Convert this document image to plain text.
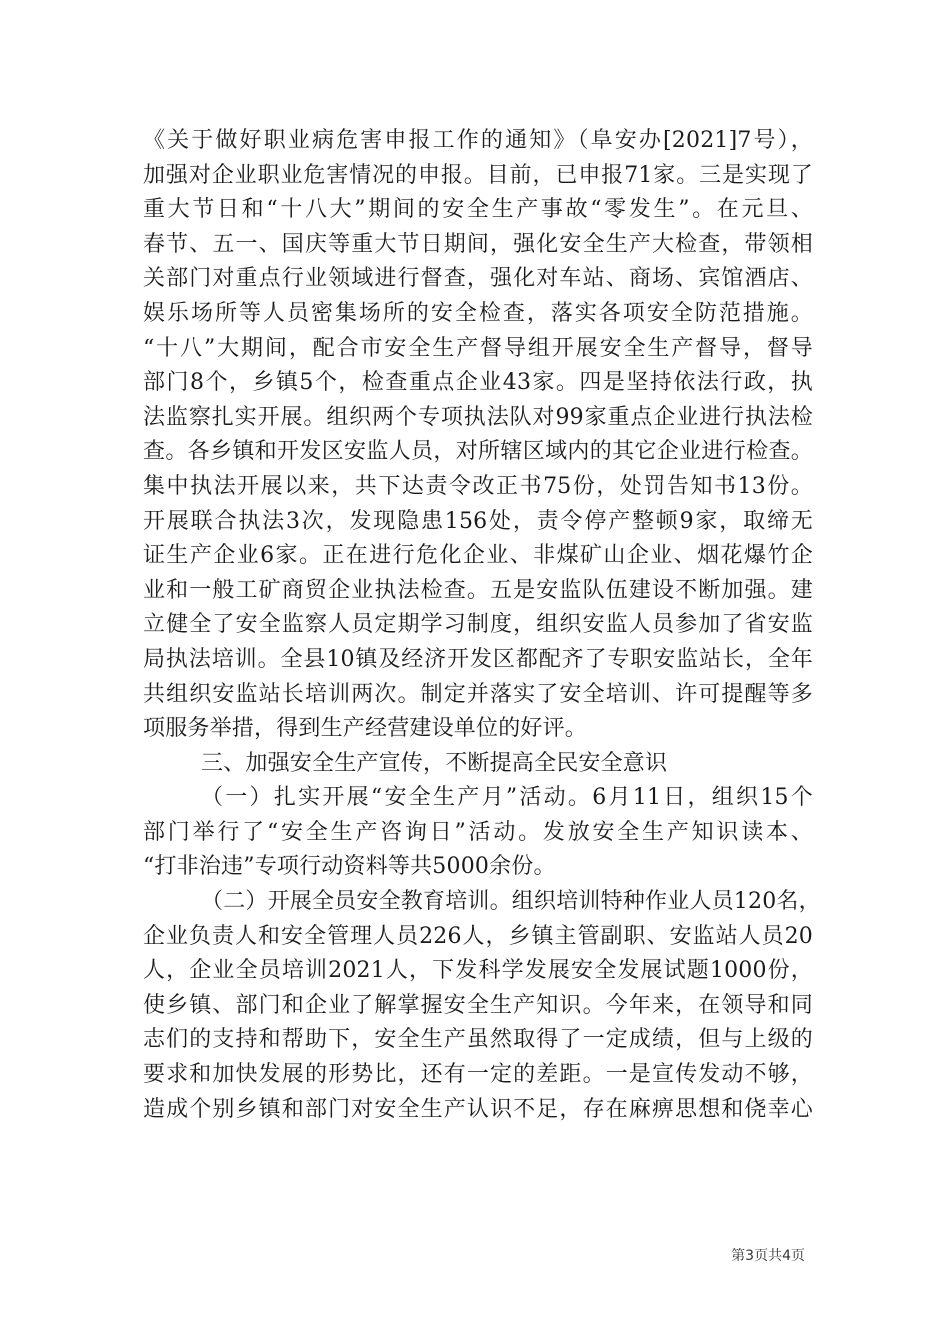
《关于做好职业病危害申报工作的通知》（阜安办[2021]7号），
加强对企业职业危害情况的申报。目前，已申报71家。三是实现了
重大节日和“十八大”期间的安全生产事故“零发生”。在元旦、
春节、五一、国庆等重大节日期间，强化安全生产大检查，带领相
关部门对重点行业领域进行督查，强化对车站、商场、宾馆酒店、
娱乐场所等人员密集场所的安全检查，落实各项安全防范措施。
“十八”大期间，配合市安全生产督导组开展安全生产督导，督导
部门8个，乡镇5个，检查重点企业43家。四是坚持依法行政，执
法监察扎实开展。组织两个专项执法队对99家重点企业进行执法检
查。各乡镇和开发区安监人员，对所辖区域内的其它企业进行检查。
集中执法开展以来，共下达责令改正书75份，处罚告知书13份。
开展联合执法3次，发现隐患156处，责令停产整顿9家，取缔无
证生产企业6家。正在进行危化企业、非煤矿山企业、烟花爆竹企
业和一般工矿商贸企业执法检查。五是安监队伍建设不断加强。建
立健全了安全监察人员定期学习制度，组织安监人员参加了省安监
局执法培训。全县10镇及经济开发区都配齐了专职安监站长，全年
共组织安监站长培训两次。制定并落实了安全培训、许可提醒等多
项服务举措，得到生产经营建设单位的好评。
三、加强安全生产宣传，不断提高全民安全意识
（一）扎实开展“安全生产月”活动。6月11日，组织15个
部门举行了“安全生产咨询日”活动。发放安全生产知识读本、
“打非治违”专项行动资料等共5000余份。
（二）开展全员安全教育培训。组织培训特种作业人员120名，
企业负责人和安全管理人员226人，乡镇主管副职、安监站人员20
人，企业全员培训2021人，下发科学发展安全发展试题1000份，
使乡镇、部门和企业了解掌握安全生产知识。今年来，在领导和同
志们的支持和帮助下，安全生产虽然取得了一定成绩，但与上级的
要求和加快发展的形势比，还有一定的差距。一是宣传发动不够，
造成个别乡镇和部门对安全生产认识不足，存在麻痹思想和侥幸心
第3页共4页
